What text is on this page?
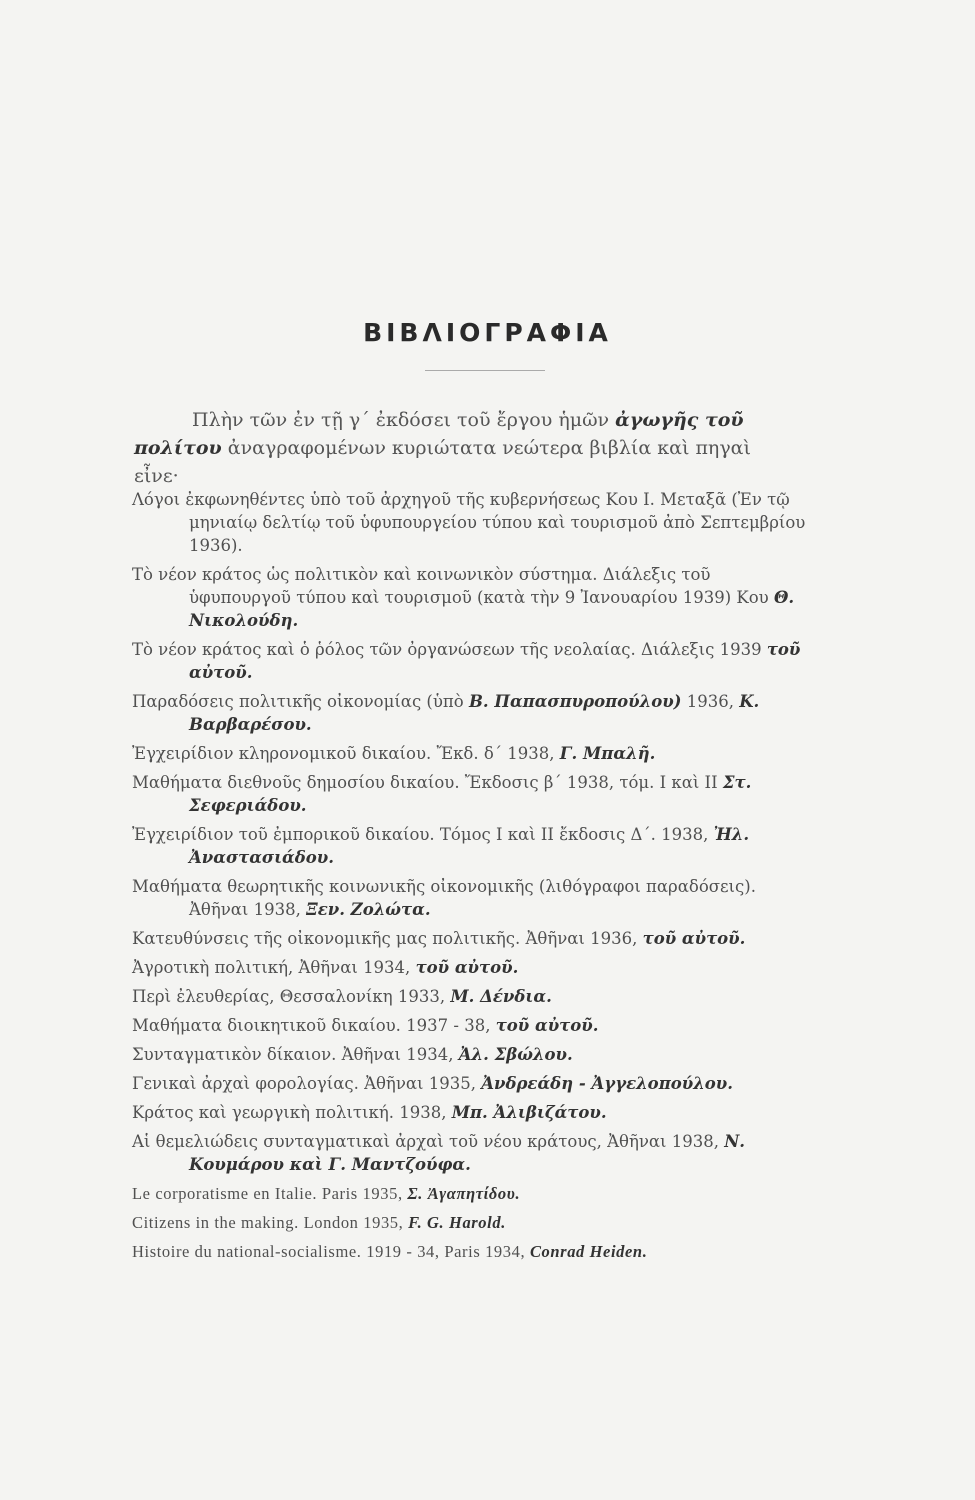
ΒΙΒΛΙΟΓΡΑΦΙΑ
Πλὴν τῶν ἐν τῇ γ΄ ἐκδόσει τοῦ ἔργου ἡμῶν ἀγωγῆς τοῦ πολίτου ἀναγραφομένων κυριώτατα νεώτερα βιβλία καὶ πηγαὶ εἶνε·
Λόγοι ἐκφωνηθέντες ὑπὸ τοῦ ἀρχηγοῦ τῆς κυβερνήσεως Κου Ι. Μεταξᾶ (Ἐν τῷ μηνιαίῳ δελτίῳ τοῦ ὑφυπουργείου τύπου καὶ τουρισμοῦ ἀπὸ Σεπτεμβρίου 1936).
Τὸ νέον κράτος ὡς πολιτικὸν καὶ κοινωνικὸν σύστημα. Διάλεξις τοῦ ὑφυπουργοῦ τύπου καὶ τουρισμοῦ (κατὰ τὴν 9 Ἰανουαρίου 1939) Κου Θ. Νικολούδη.
Τὸ νέον κράτος καὶ ὁ ῥόλος τῶν ὀργανώσεων τῆς νεολαίας. Διάλεξις 1939 τοῦ αὐτοῦ.
Παραδόσεις πολιτικῆς οἰκονομίας (ὑπὸ Β. Παπασπυροπούλου) 1936, Κ. Βαρβαρέσου.
Ἐγχειρίδιον κληρονομικοῦ δικαίου. Ἔκδ. δ΄ 1938, Γ. Μπαλῆ.
Μαθήματα διεθνοῦς δημοσίου δικαίου. Ἔκδοσις β΄ 1938, τόμ. Ι καὶ ΙΙ Στ. Σεφεριάδου.
Ἐγχειρίδιον τοῦ ἐμπορικοῦ δικαίου. Τόμος Ι καὶ ΙΙ ἔκδοσις Δ΄. 1938, Ἠλ. Ἀναστασιάδου.
Μαθήματα θεωρητικῆς κοινωνικῆς οἰκονομικῆς (λιθόγραφοι παραδόσεις). Ἀθῆναι 1938, Ξεν. Ζολώτα.
Κατευθύνσεις τῆς οἰκονομικῆς μας πολιτικῆς. Ἀθῆναι 1936, τοῦ αὐτοῦ.
Ἀγροτικὴ πολιτική, Ἀθῆναι 1934, τοῦ αὐτοῦ.
Περὶ ἐλευθερίας, Θεσσαλονίκη 1933, Μ. Δένδια.
Μαθήματα διοικητικοῦ δικαίου. 1937 - 38, τοῦ αὐτοῦ.
Συνταγματικὸν δίκαιον. Ἀθῆναι 1934, Ἀλ. Σβώλου.
Γενικαὶ ἀρχαὶ φορολογίας. Ἀθῆναι 1935, Ἀνδρεάδη - Ἀγγελοπούλου.
Κράτος καὶ γεωργικὴ πολιτική. 1938, Μπ. Ἀλιβιζάτου.
Αἱ θεμελιώδεις συνταγματικαὶ ἀρχαὶ τοῦ νέου κράτους, Ἀθῆναι 1938, Ν. Κουμάρου καὶ Γ. Μαντζούφα.
Le corporatisme en Italie. Paris 1935, Σ. Ἀγαπητίδου.
Citizens in the making. London 1935, F. G. Harold.
Histoire du national-socialisme. 1919 - 34, Paris 1934, Conrad Heiden.
